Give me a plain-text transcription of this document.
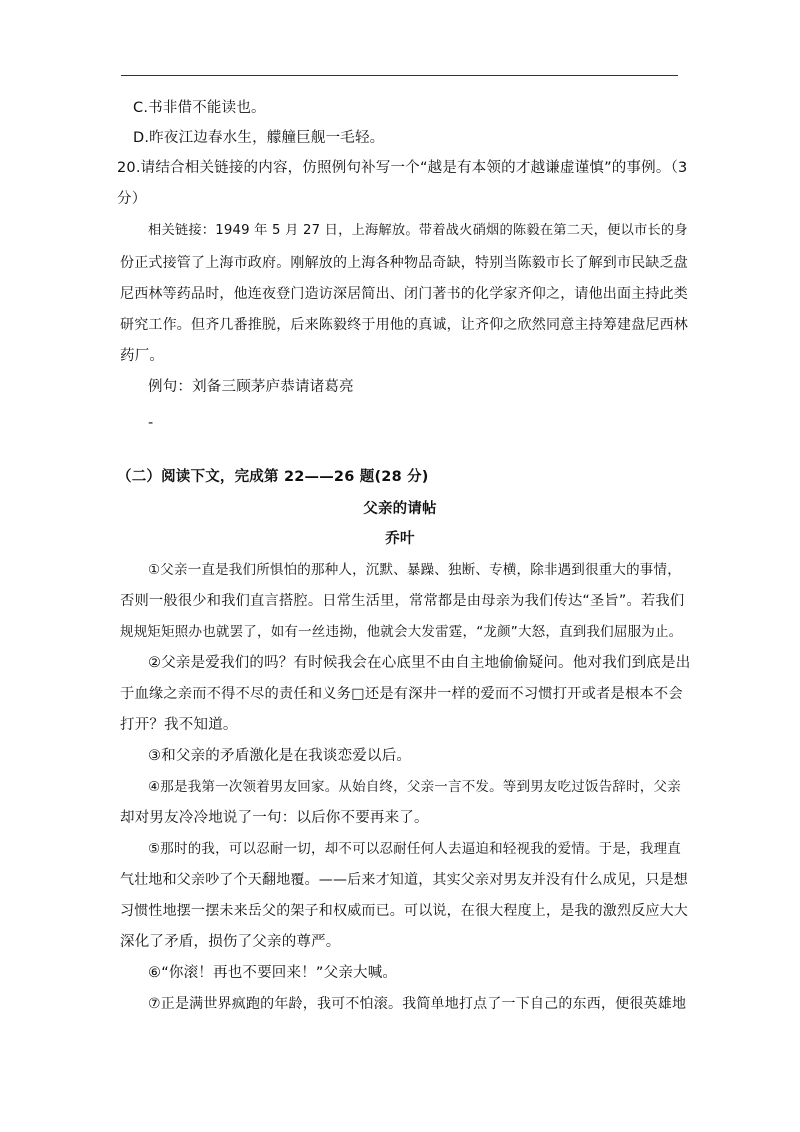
C.书非借不能读也。
D.昨夜江边春水生，艨艟巨舰一毛轻。
20.请结合相关链接的内容，仿照例句补写一个“越是有本领的才越谦虚谨慎”的事例。（3
分）
相关链接：1949 年 5 月 27 日，上海解放。带着战火硝烟的陈毅在第二天，便以市长的身
份正式接管了上海市政府。刚解放的上海各种物品奇缺，特别当陈毅市长了解到市民缺乏盘
尼西林等药品时，他连夜登门造访深居简出、闭门著书的化学家齐仰之，请他出面主持此类
研究工作。但齐几番推脱，后来陈毅终于用他的真诚，让齐仰之欣然同意主持筹建盘尼西林
药厂。
例句：刘备三顾茅庐恭请诸葛亮
-
（二）阅读下文，完成第 22——26 题(28 分)
父亲的请帖
乔叶
①父亲一直是我们所惧怕的那种人，沉默、暴躁、独断、专横，除非遇到很重大的事情，
否则一般很少和我们直言搭腔。日常生活里，常常都是由母亲为我们传达“圣旨”。若我们
规规矩矩照办也就罢了，如有一丝违拗，他就会大发雷霆，“龙颜”大怒，直到我们屈服为止。
②父亲是爱我们的吗？有时候我会在心底里不由自主地偷偷疑问。他对我们到底是出
于血缘之亲而不得不尽的责任和义务□还是有深井一样的爱而不习惯打开或者是根本不会
打开？我不知道。
③和父亲的矛盾激化是在我谈恋爱以后。
④那是我第一次领着男友回家。从始自终，父亲一言不发。等到男友吃过饭告辞时，父亲
却对男友冷冷地说了一句：以后你不要再来了。
⑤那时的我，可以忍耐一切，却不可以忍耐任何人去逼迫和轻视我的爱情。于是，我理直
气壮地和父亲吵了个天翻地覆。——后来才知道，其实父亲对男友并没有什么成见，只是想
习惯性地摆一摆未来岳父的架子和权威而已。可以说，在很大程度上，是我的激烈反应大大
深化了矛盾，损伤了父亲的尊严。
⑥“你滚！再也不要回来！”父亲大喊。
⑦正是满世界疯跑的年龄，我可不怕滚。我简单地打点了一下自己的东西，便很英雄地
